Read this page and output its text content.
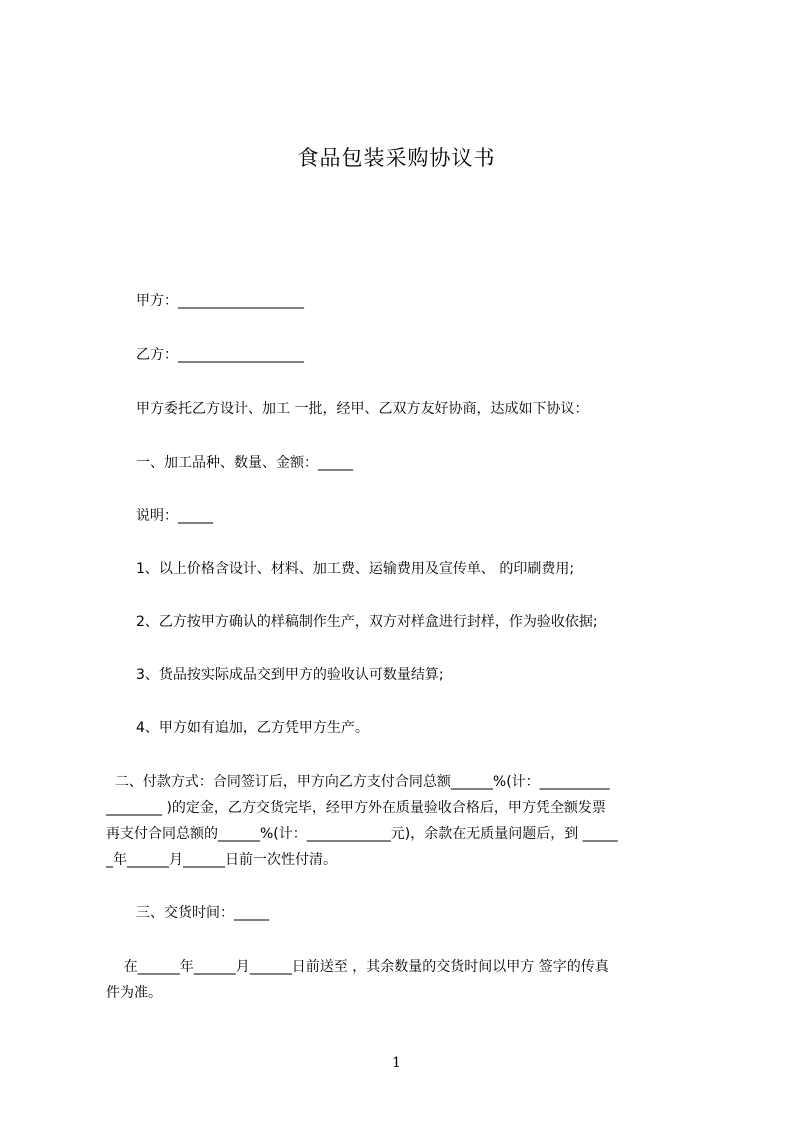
食品包装采购协议书
甲方：__________________
乙方：__________________
甲方委托乙方设计、加工 一批，经甲、乙双方友好协商，达成如下协议：
一、加工品种、数量、金额：_____
说明：_____
1、以上价格含设计、材料、加工费、运输费用及宣传单、 的印刷费用;
2、乙方按甲方确认的样稿制作生产，双方对样盒进行封样，作为验收依据;
3、货品按实际成品交到甲方的验收认可数量结算;
4、甲方如有追加，乙方凭甲方生产。
二、付款方式：合同签订后，甲方向乙方支付合同总额______%(计：__________
________ )的定金，乙方交货完毕，经甲方外在质量验收合格后，甲方凭全额发票
再支付合同总额的______%(计：____________元)，余款在无质量问题后，到 _____
_年______月______日前一次性付清。
三、交货时间：_____
在______年______月______日前送至 ，其余数量的交货时间以甲方 签字的传真
件为准。
1
